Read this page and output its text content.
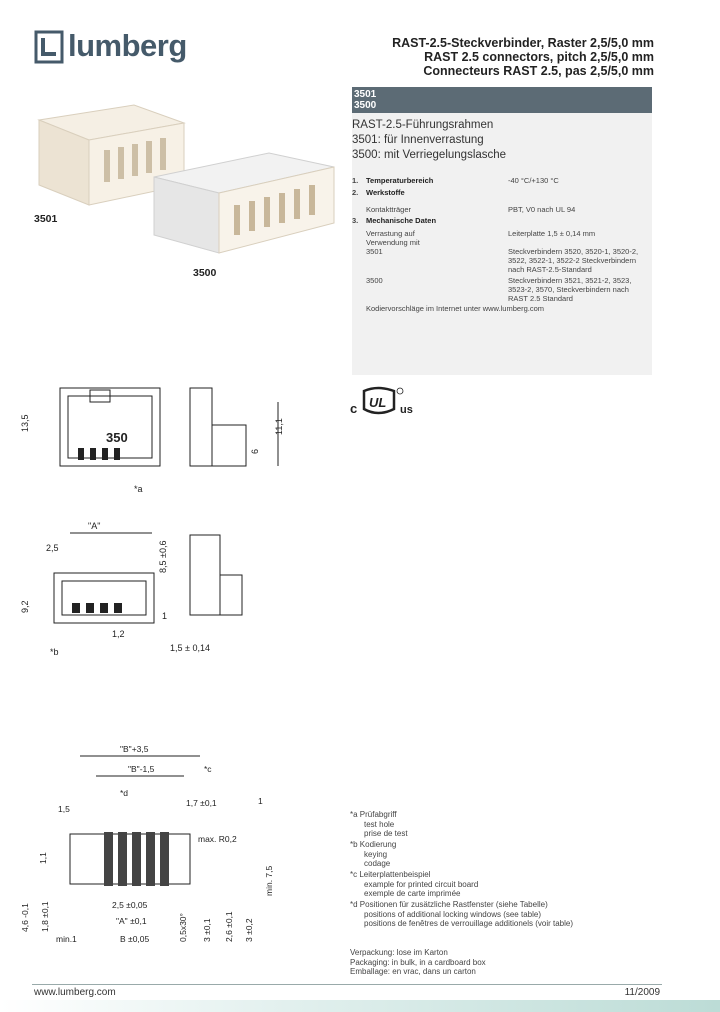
lumberg	RAST-2.5-Steckverbinder, Raster 2,5/5,0 mm
RAST 2.5 connectors, pitch 2,5/5,0 mm
Connecteurs RAST 2.5, pas 2,5/5,0 mm
3501
3500
3501
3500
RAST-2.5-Führungsrahmen
3501: für Innenverrastung
3500: mit Verriegelungslasche
1. Temperaturbereich	-40 °C/+130 °C
2. Werkstoffe
Kontaktträger	PBT, V0 nach UL 94
3. Mechanische Daten
Verrastung auf	Leiterplatte 1,5 ± 0,14 mm
Verwendung mit
3501	Steckverbindern 3520, 3520-1, 3520-2,
3522, 3522-1, 3522-2 Steckverbindern
nach RAST-2.5-Standard
3500	Steckverbindern 3521, 3521-2, 3523,
3523-2, 3570, Steckverbindern nach
RAST 2.5 Standard
Kodiervorschläge im Internet unter www.lumberg.com
c UL us
350
13,5
*a
11,1
6
"A"
2,5
9,2
1
1,2
*b
8,5 ±0,6
1,5 ± 0,14
"B"+3,5
"B"-1,5	*c
*d
1
1,5
1,7 ±0,1
max. R0,2
1,1
min. 7,5
2,5 ±0,05
"A" ±0,1
B ±0,05
min.1	0,5x30° 3 ±0,1 2,6 ±0,1 3 ±0,2
4,6 -0,1 1,8 ±0,1
*a Prüfabgriff
test hole
prise de test
*b Kodierung
keying
codage
*c Leiterplattenbeispiel
example for printed circuit board
exemple de carte imprimée
*d Positionen für zusätzliche Rastfenster (siehe Tabelle)
positions of additional locking windows (see table)
positions de fenêtres de verrouillage additionels (voir table)
Verpackung: lose im Karton
Packaging: in bulk, in a cardboard box
Emballage: en vrac, dans un carton
www.lumberg.com	11/2009
